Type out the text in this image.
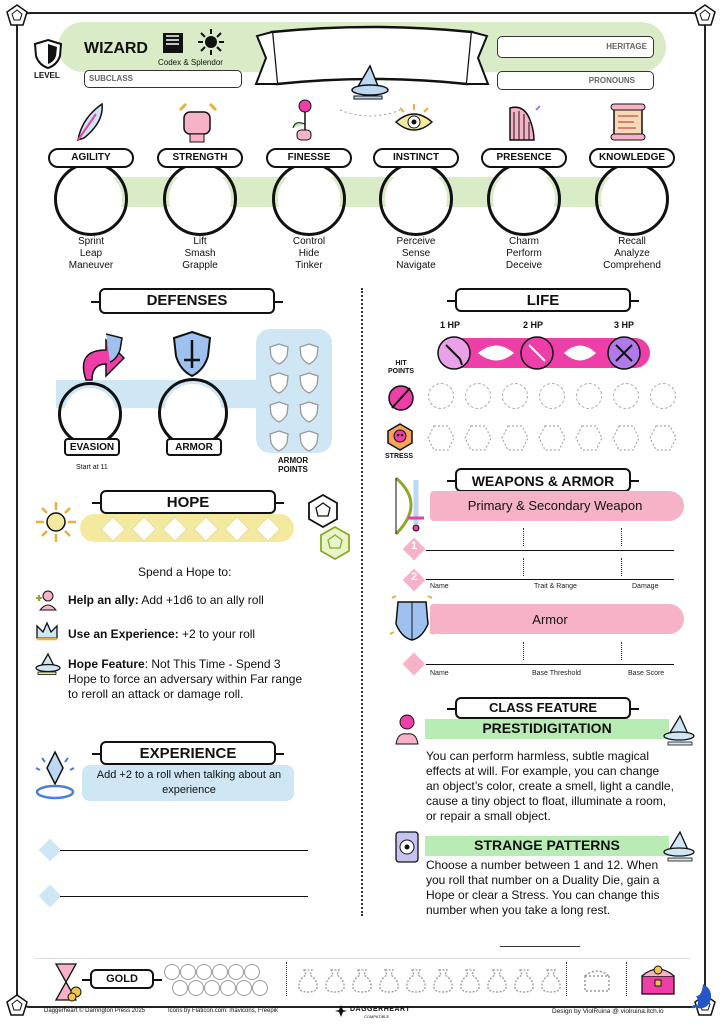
LEVEL
WIZARD
Codex & Splendor
SUBCLASS
HERITAGE
PRONOUNS
AGILITY
Sprint
Leap
Maneuver
STRENGTH
Lift
Smash
Grapple
FINESSE
Control
Hide
Tinker
INSTINCT
Perceive
Sense
Navigate
PRESENCE
Charm
Perform
Deceive
KNOWLEDGE
Recall
Analyze
Comprehend
DEFENSES
EVASION
Start at 11
ARMOR
ARMOR POINTS
LIFE
1 HP	2 HP	3 HP
HIT POINTS
STRESS
HOPE
Spend a Hope to:
Help an ally: Add +1d6 to an ally roll
Use an Experience: +2 to your roll
Hope Feature: Not This Time - Spend 3 Hope to force an adversary within Far range to reroll an attack or damage roll.
EXPERIENCE
Add +2 to a roll when talking about an experience
WEAPONS & ARMOR
Primary & Secondary Weapon
1
2
Name	Trait & Range	Damage
Armor
Name	Base Threshold	Base Score
CLASS FEATURE
PRESTIDIGITATION
You can perform harmless, subtle magical effects at will. For example, you can change an object’s color, create a smell, light a candle, cause a tiny object to float, illuminate a room, or repair a small object.
STRANGE PATTERNS
Choose a number between 1 and 12. When you roll that number on a Duality Die, gain a Hope or clear a Stress. You can change this number when you take a long rest.
GOLD
Daggerheart © Darrington Press 2025	Icons by Flaticon.com: mavicons, Freepik	DAGGERHEART
COMPATIBLE
Design by ViolRuina @ violruina.itch.io
